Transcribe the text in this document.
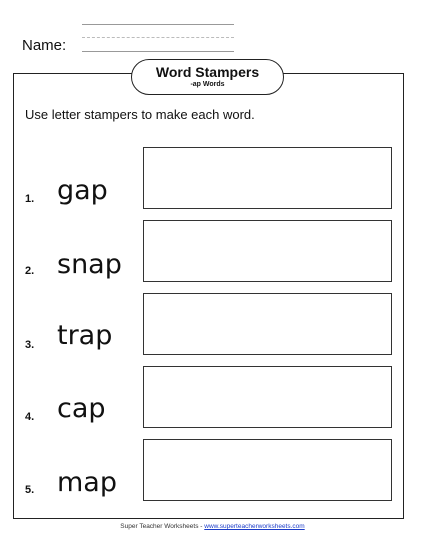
Name:
Word Stampers
-ap Words
Use letter stampers to make each word.
1. gap
2. snap
3. trap
4. cap
5. map
Super Teacher Worksheets - www.superteacherworksheets.com
